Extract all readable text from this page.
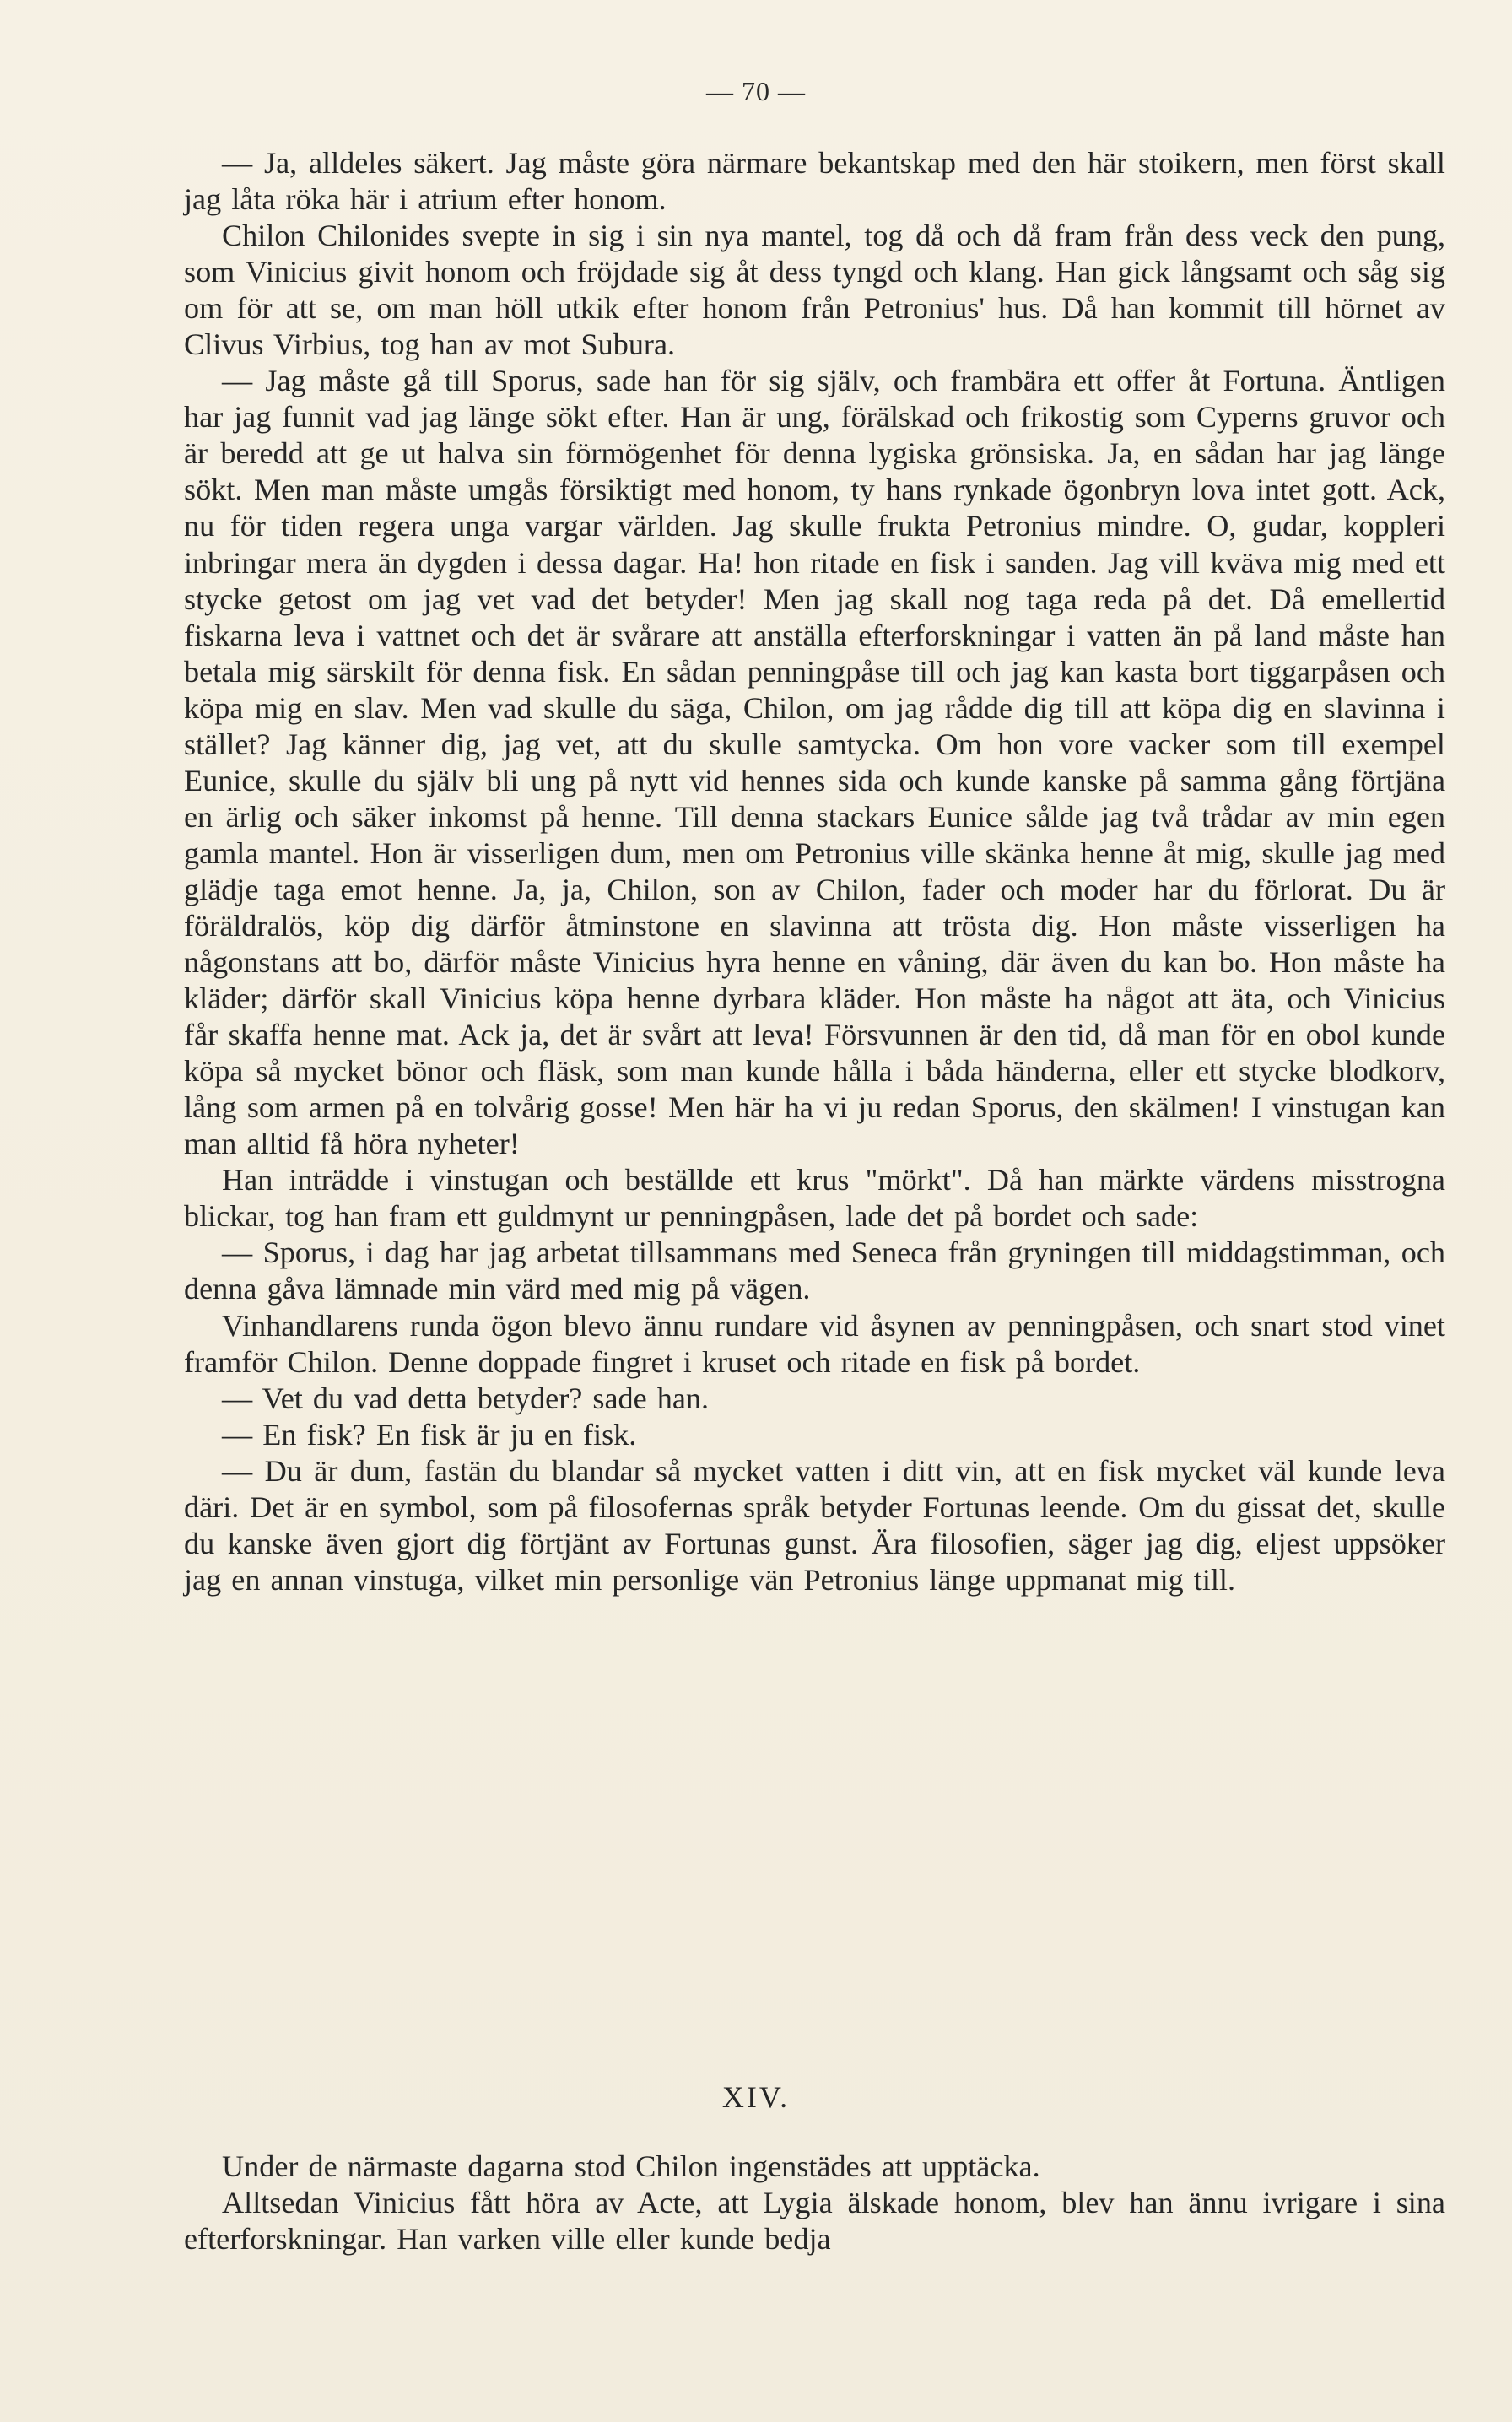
— 70 —

— Ja, alldeles säkert. Jag måste göra närmare bekantskap med den här stoikern, men först skall jag låta röka här i atrium efter honom.

Chilon Chilonides svepte in sig i sin nya mantel, tog då och då fram från dess veck den pung, som Vinicius givit honom och fröjdade sig åt dess tyngd och klang. Han gick långsamt och såg sig om för att se, om man höll utkik efter honom från Petronius' hus. Då han kommit till hörnet av Clivus Virbius, tog han av mot Subura.

— Jag måste gå till Sporus, sade han för sig själv, och frambära ett offer åt Fortuna. Äntligen har jag funnit vad jag länge sökt efter. Han är ung, förälskad och frikostig som Cyperns gruvor och är beredd att ge ut halva sin förmögenhet för denna lygiska grönsiska. Ja, en sådan har jag länge sökt. Men man måste umgås försiktigt med honom, ty hans rynkade ögonbryn lova intet gott. Ack, nu för tiden regera unga vargar världen. Jag skulle frukta Petronius mindre. O, gudar, koppleri inbringar mera än dygden i dessa dagar. Ha! hon ritade en fisk i sanden. Jag vill kväva mig med ett stycke getost om jag vet vad det betyder! Men jag skall nog taga reda på det. Då emellertid fiskarna leva i vattnet och det är svårare att anställa efterforskningar i vatten än på land måste han betala mig särskilt för denna fisk. En sådan penningpåse till och jag kan kasta bort tiggarpåsen och köpa mig en slav. Men vad skulle du säga, Chilon, om jag rådde dig till att köpa dig en slavinna i stället? Jag känner dig, jag vet, att du skulle samtycka. Om hon vore vacker som till exempel Eunice, skulle du själv bli ung på nytt vid hennes sida och kunde kanske på samma gång förtjäna en ärlig och säker inkomst på henne. Till denna stackars Eunice sålde jag två trådar av min egen gamla mantel. Hon är visserligen dum, men om Petronius ville skänka henne åt mig, skulle jag med glädje taga emot henne. Ja, ja, Chilon, son av Chilon, fader och moder har du förlorat. Du är föräldralös, köp dig därför åtminstone en slavinna att trösta dig. Hon måste visserligen ha någonstans att bo, därför måste Vinicius hyra henne en våning, där även du kan bo. Hon måste ha kläder; därför skall Vinicius köpa henne dyrbara kläder. Hon måste ha något att äta, och Vinicius får skaffa henne mat. Ack ja, det är svårt att leva! Försvunnen är den tid, då man för en obol kunde köpa så mycket bönor och fläsk, som man kunde hålla i båda händerna, eller ett stycke blodkorv, lång som armen på en tolvårig gosse! Men här ha vi ju redan Sporus, den skälmen! I vinstugan kan man alltid få höra nyheter!

Han inträdde i vinstugan och beställde ett krus "mörkt". Då han märkte värdens misstrogna blickar, tog han fram ett guldmynt ur penningpåsen, lade det på bordet och sade:

— Sporus, i dag har jag arbetat tillsammans med Seneca från gryningen till middagstimman, och denna gåva lämnade min värd med mig på vägen.

Vinhandlarens runda ögon blevo ännu rundare vid åsynen av penningpåsen, och snart stod vinet framför Chilon. Denne doppade fingret i kruset och ritade en fisk på bordet.

— Vet du vad detta betyder? sade han.

— En fisk? En fisk är ju en fisk.

— Du är dum, fastän du blandar så mycket vatten i ditt vin, att en fisk mycket väl kunde leva däri. Det är en symbol, som på filosofernas språk betyder Fortunas leende. Om du gissat det, skulle du kanske även gjort dig förtjänt av Fortunas gunst. Ära filosofien, säger jag dig, eljest uppsöker jag en annan vinstuga, vilket min personlige vän Petronius länge uppmanat mig till.

XIV.

Under de närmaste dagarna stod Chilon ingenstädes att upptäcka.

Alltsedan Vinicius fått höra av Acte, att Lygia älskade honom, blev han ännu ivrigare i sina efterforskningar. Han varken ville eller kunde bedja
